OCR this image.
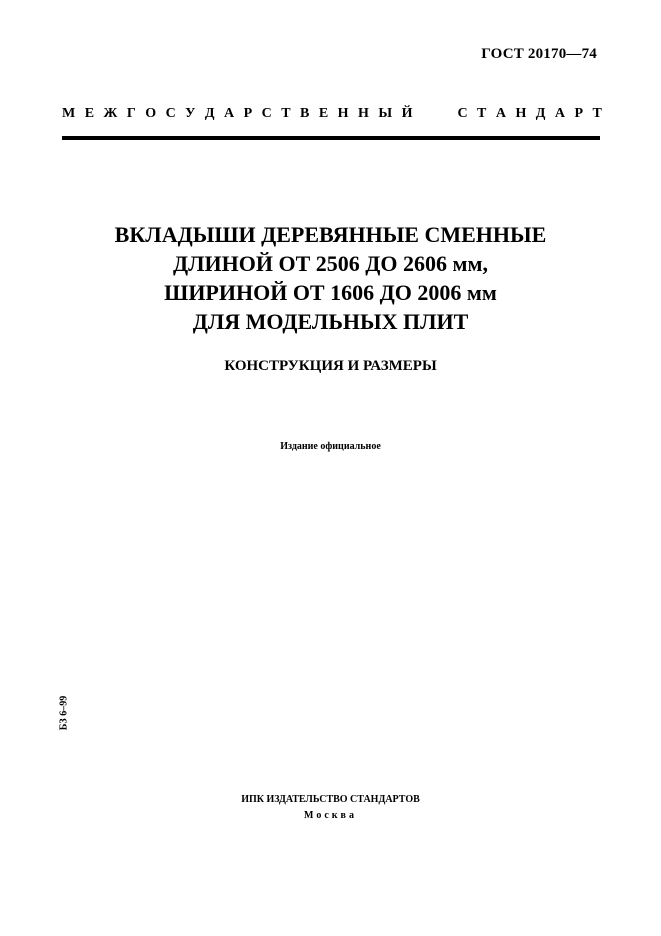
ГОСТ 20170—74
М Е Ж Г О С У Д А Р С Т В Е Н Н Ы Й	С Т А Н Д А Р Т
ВКЛАДЫШИ ДЕРЕВЯННЫЕ СМЕННЫЕ
ДЛИНОЙ ОТ 2506 ДО 2606 мм,
ШИРИНОЙ ОТ 1606 ДО 2006 мм
ДЛЯ МОДЕЛЬНЫХ ПЛИТ
КОНСТРУКЦИЯ И РАЗМЕРЫ
Издание официальное
БЗ 6–99
ИПК ИЗДАТЕЛЬСТВО СТАНДАРТОВ
Москва
